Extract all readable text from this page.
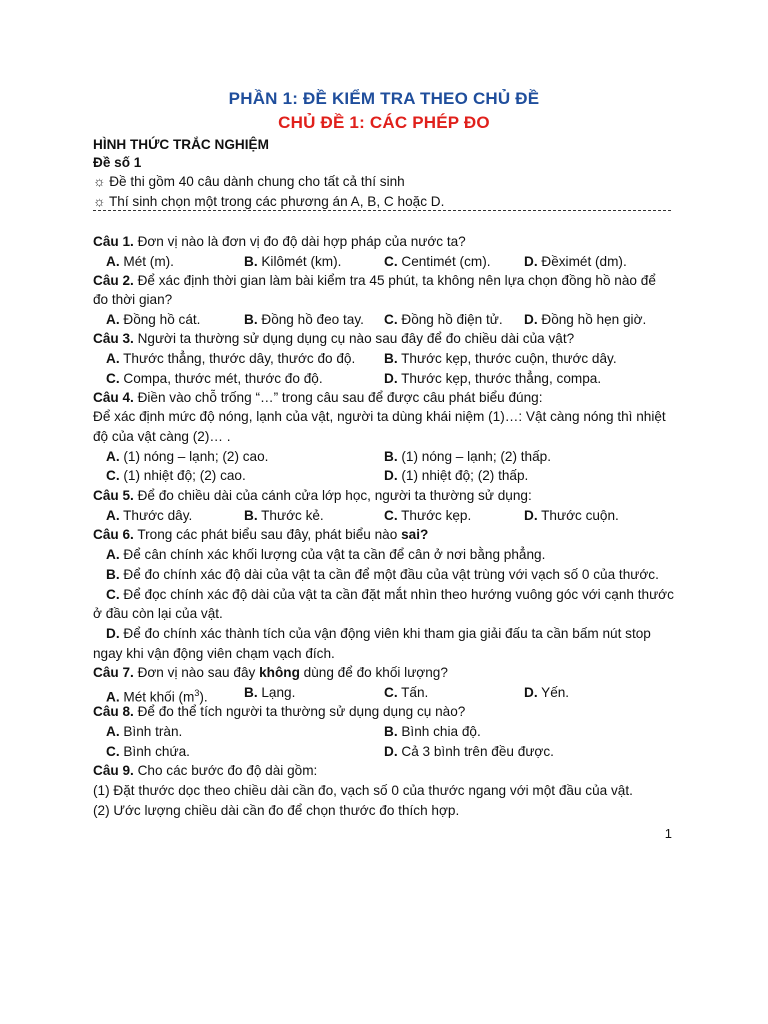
PHẦN 1: ĐỀ KIỂM TRA THEO CHỦ ĐỀ
CHỦ ĐỀ 1: CÁC PHÉP ĐO
HÌNH THỨC TRẮC NGHIỆM
Đề số 1
☼ Đề thi gồm 40 câu dành chung cho tất cả thí sinh
☼ Thí sinh chọn một trong các phương án A, B, C hoặc D.
Câu 1. Đơn vị nào là đơn vị đo độ dài hợp pháp của nước ta?
A. Mét (m).	B. Kilômét (km).	C. Centimét (cm). D. Đềximét (dm).
Câu 2. Để xác định thời gian làm bài kiểm tra 45 phút, ta không nên lựa chọn đồng hồ nào để
đo thời gian?
A. Đồng hồ cát.	B. Đồng hồ đeo tay. C. Đồng hồ điện tử. D. Đồng hồ hẹn giờ.
Câu 3. Người ta thường sử dụng dụng cụ nào sau đây để đo chiều dài của vật?
A. Thước thẳng, thước dây, thước đo độ. B. Thước kẹp, thước cuộn, thước dây.
C. Compa, thước mét, thước đo độ.	D. Thước kẹp, thước thẳng, compa.
Câu 4. Điền vào chỗ trống “…” trong câu sau để được câu phát biểu đúng:
Để xác định mức độ nóng, lạnh của vật, người ta dùng khái niệm (1)…: Vật càng nóng thì nhiệt
độ của vật càng (2)… .
A. (1) nóng – lạnh; (2) cao.	B. (1) nóng – lạnh; (2) thấp.
C. (1) nhiệt độ; (2) cao.	D. (1) nhiệt độ; (2) thấp.
Câu 5. Để đo chiều dài của cánh cửa lớp học, người ta thường sử dụng:
A. Thước dây.	B. Thước kẻ.	C. Thước kẹp.	D. Thước cuộn.
Câu 6. Trong các phát biểu sau đây, phát biểu nào sai?
A. Để cân chính xác khối lượng của vật ta cần để cân ở nơi bằng phẳng.
B. Để đo chính xác độ dài của vật ta cần để một đầu của vật trùng với vạch số 0 của thước.
C. Để đọc chính xác độ dài của vật ta cần đặt mắt nhìn theo hướng vuông góc với cạnh thước
ở đầu còn lại của vật.
D. Để đo chính xác thành tích của vận động viên khi tham gia giải đấu ta cần bấm nút stop
ngay khi vận động viên chạm vạch đích.
Câu 7. Đơn vị nào sau đây không dùng để đo khối lượng?
A. Mét khối $(m^3)$.	B. Lạng.	C. Tấn.	D. Yến.
Câu 8. Để đo thể tích người ta thường sử dụng dụng cụ nào?
A. Bình tràn.	B. Bình chia độ.
C. Bình chứa.	D. Cả 3 bình trên đều được.
Câu 9. Cho các bước đo độ dài gồm:
(1) Đặt thước dọc theo chiều dài cần đo, vạch số 0 của thước ngang với một đầu của vật.
(2) Ước lượng chiều dài cần đo để chọn thước đo thích hợp.
1
